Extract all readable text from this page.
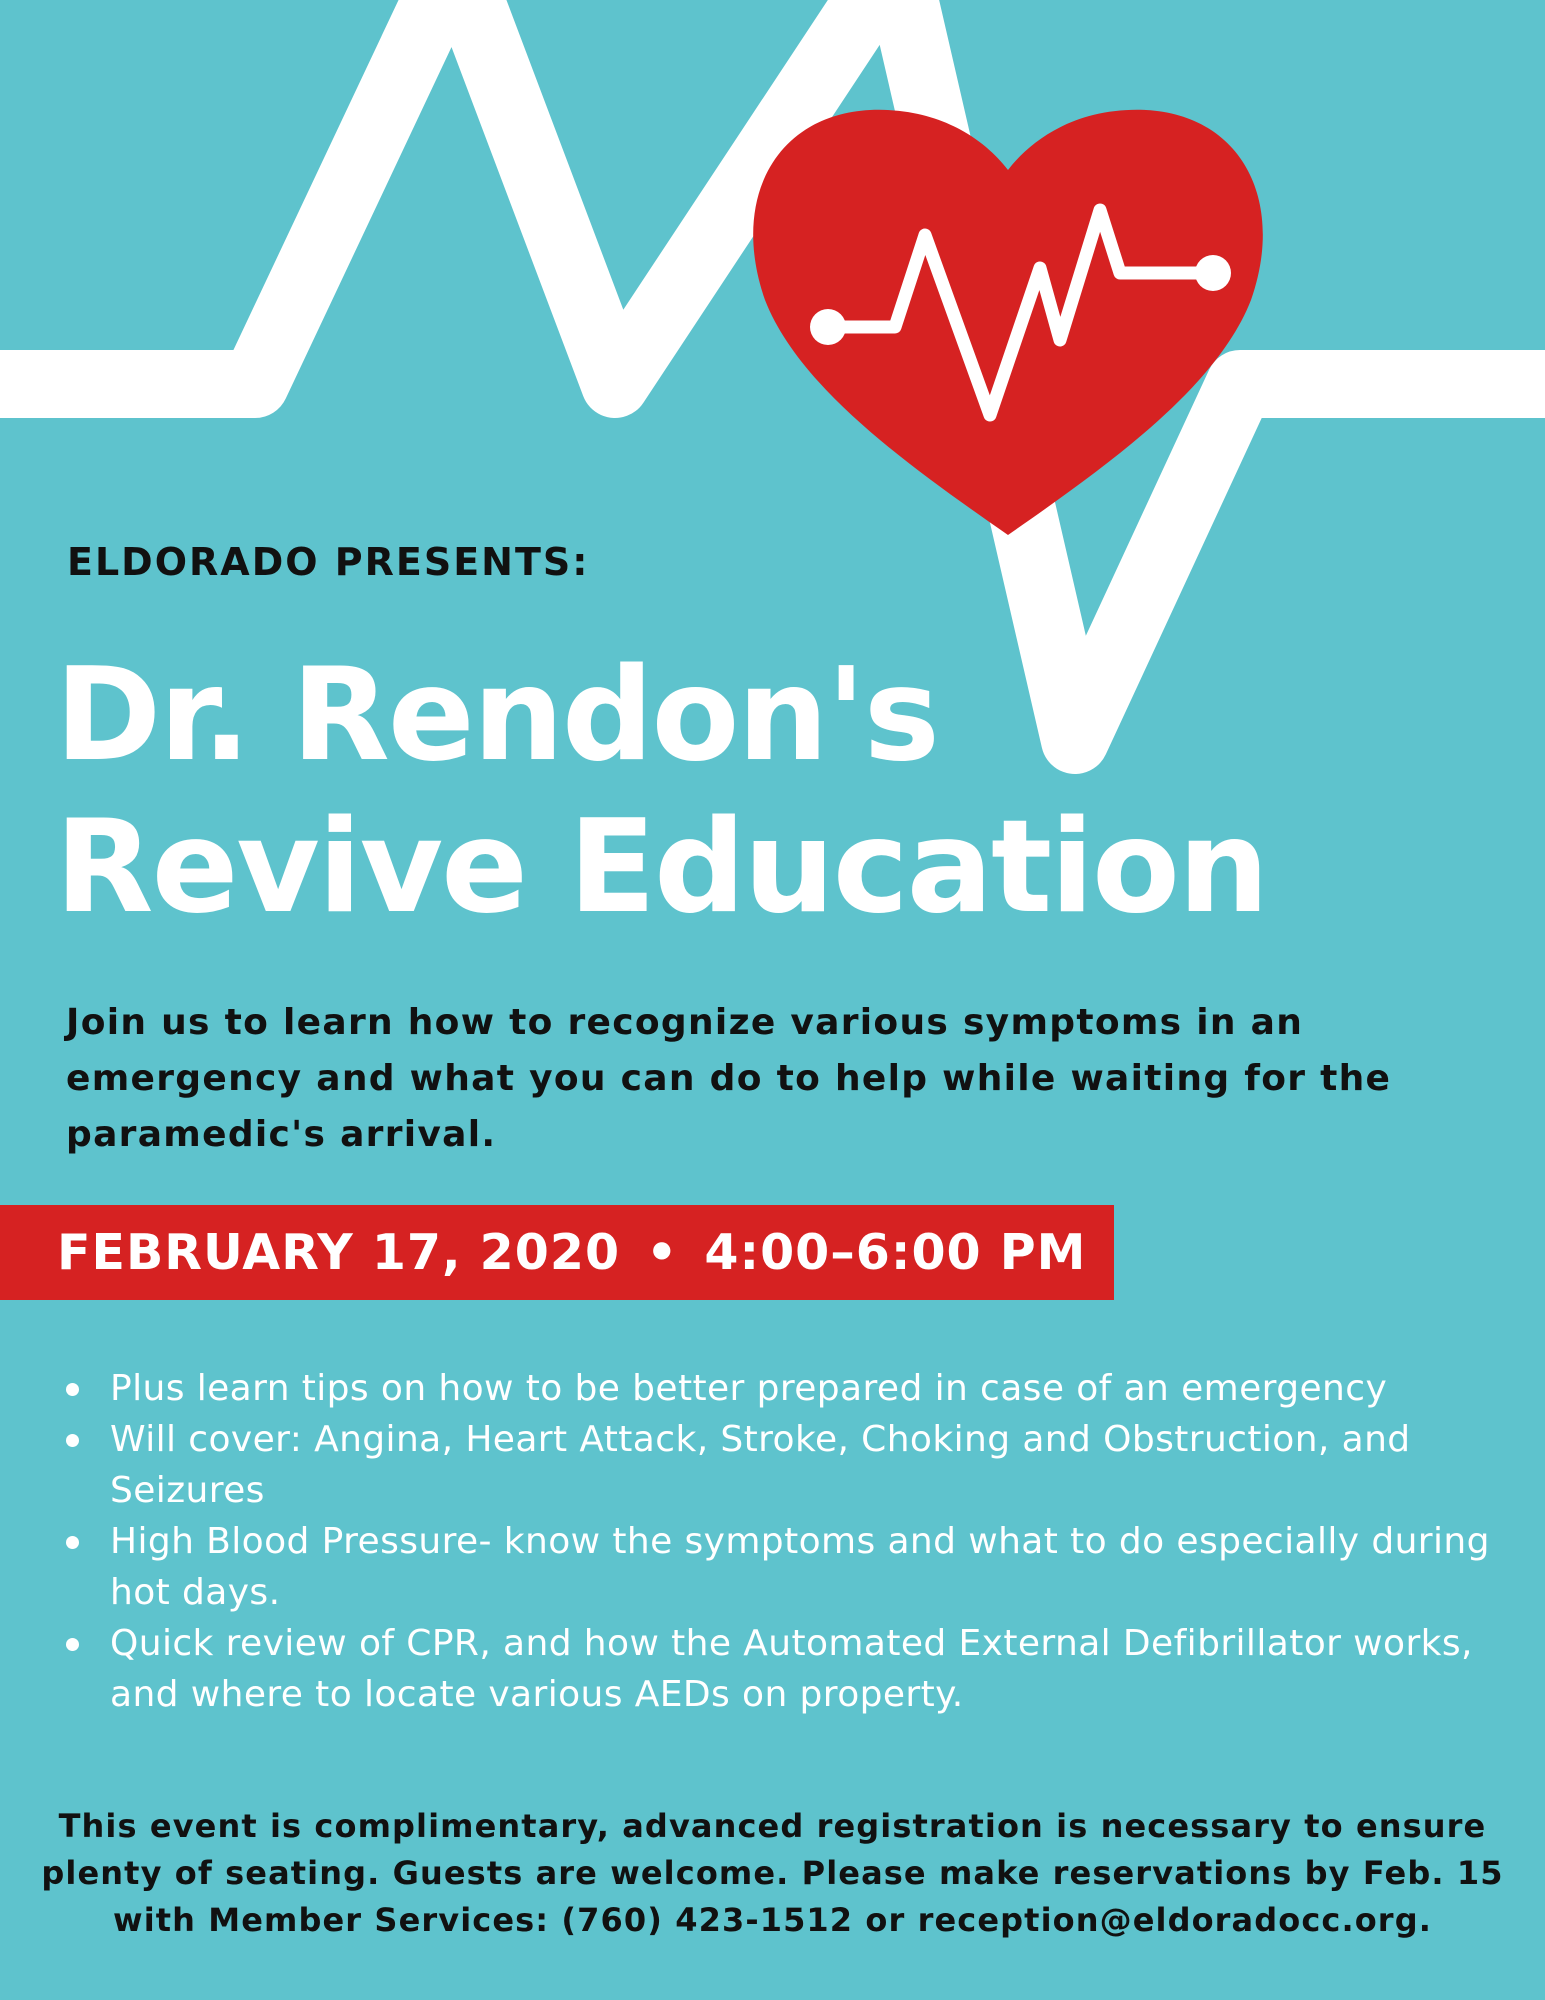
ELDORADO PRESENTS:

Dr. Rendon's
Revive Education

Join us to learn how to recognize various symptoms in an emergency and what you can do to help while waiting for the paramedic's arrival.

FEBRUARY 17, 2020 • 4:00–6:00 PM
Plus learn tips on how to be better prepared in case of an emergency
Will cover: Angina, Heart Attack, Stroke, Choking and Obstruction, and Seizures
High Blood Pressure- know the symptoms and what to do especially during hot days.
Quick review of CPR, and how the Automated External Defibrillator works, and where to locate various AEDs on property.

This event is complimentary, advanced registration is necessary to ensure
plenty of seating. Guests are welcome. Please make reservations by Feb. 15
with Member Services: (760) 423-1512 or reception@eldoradocc.org.
